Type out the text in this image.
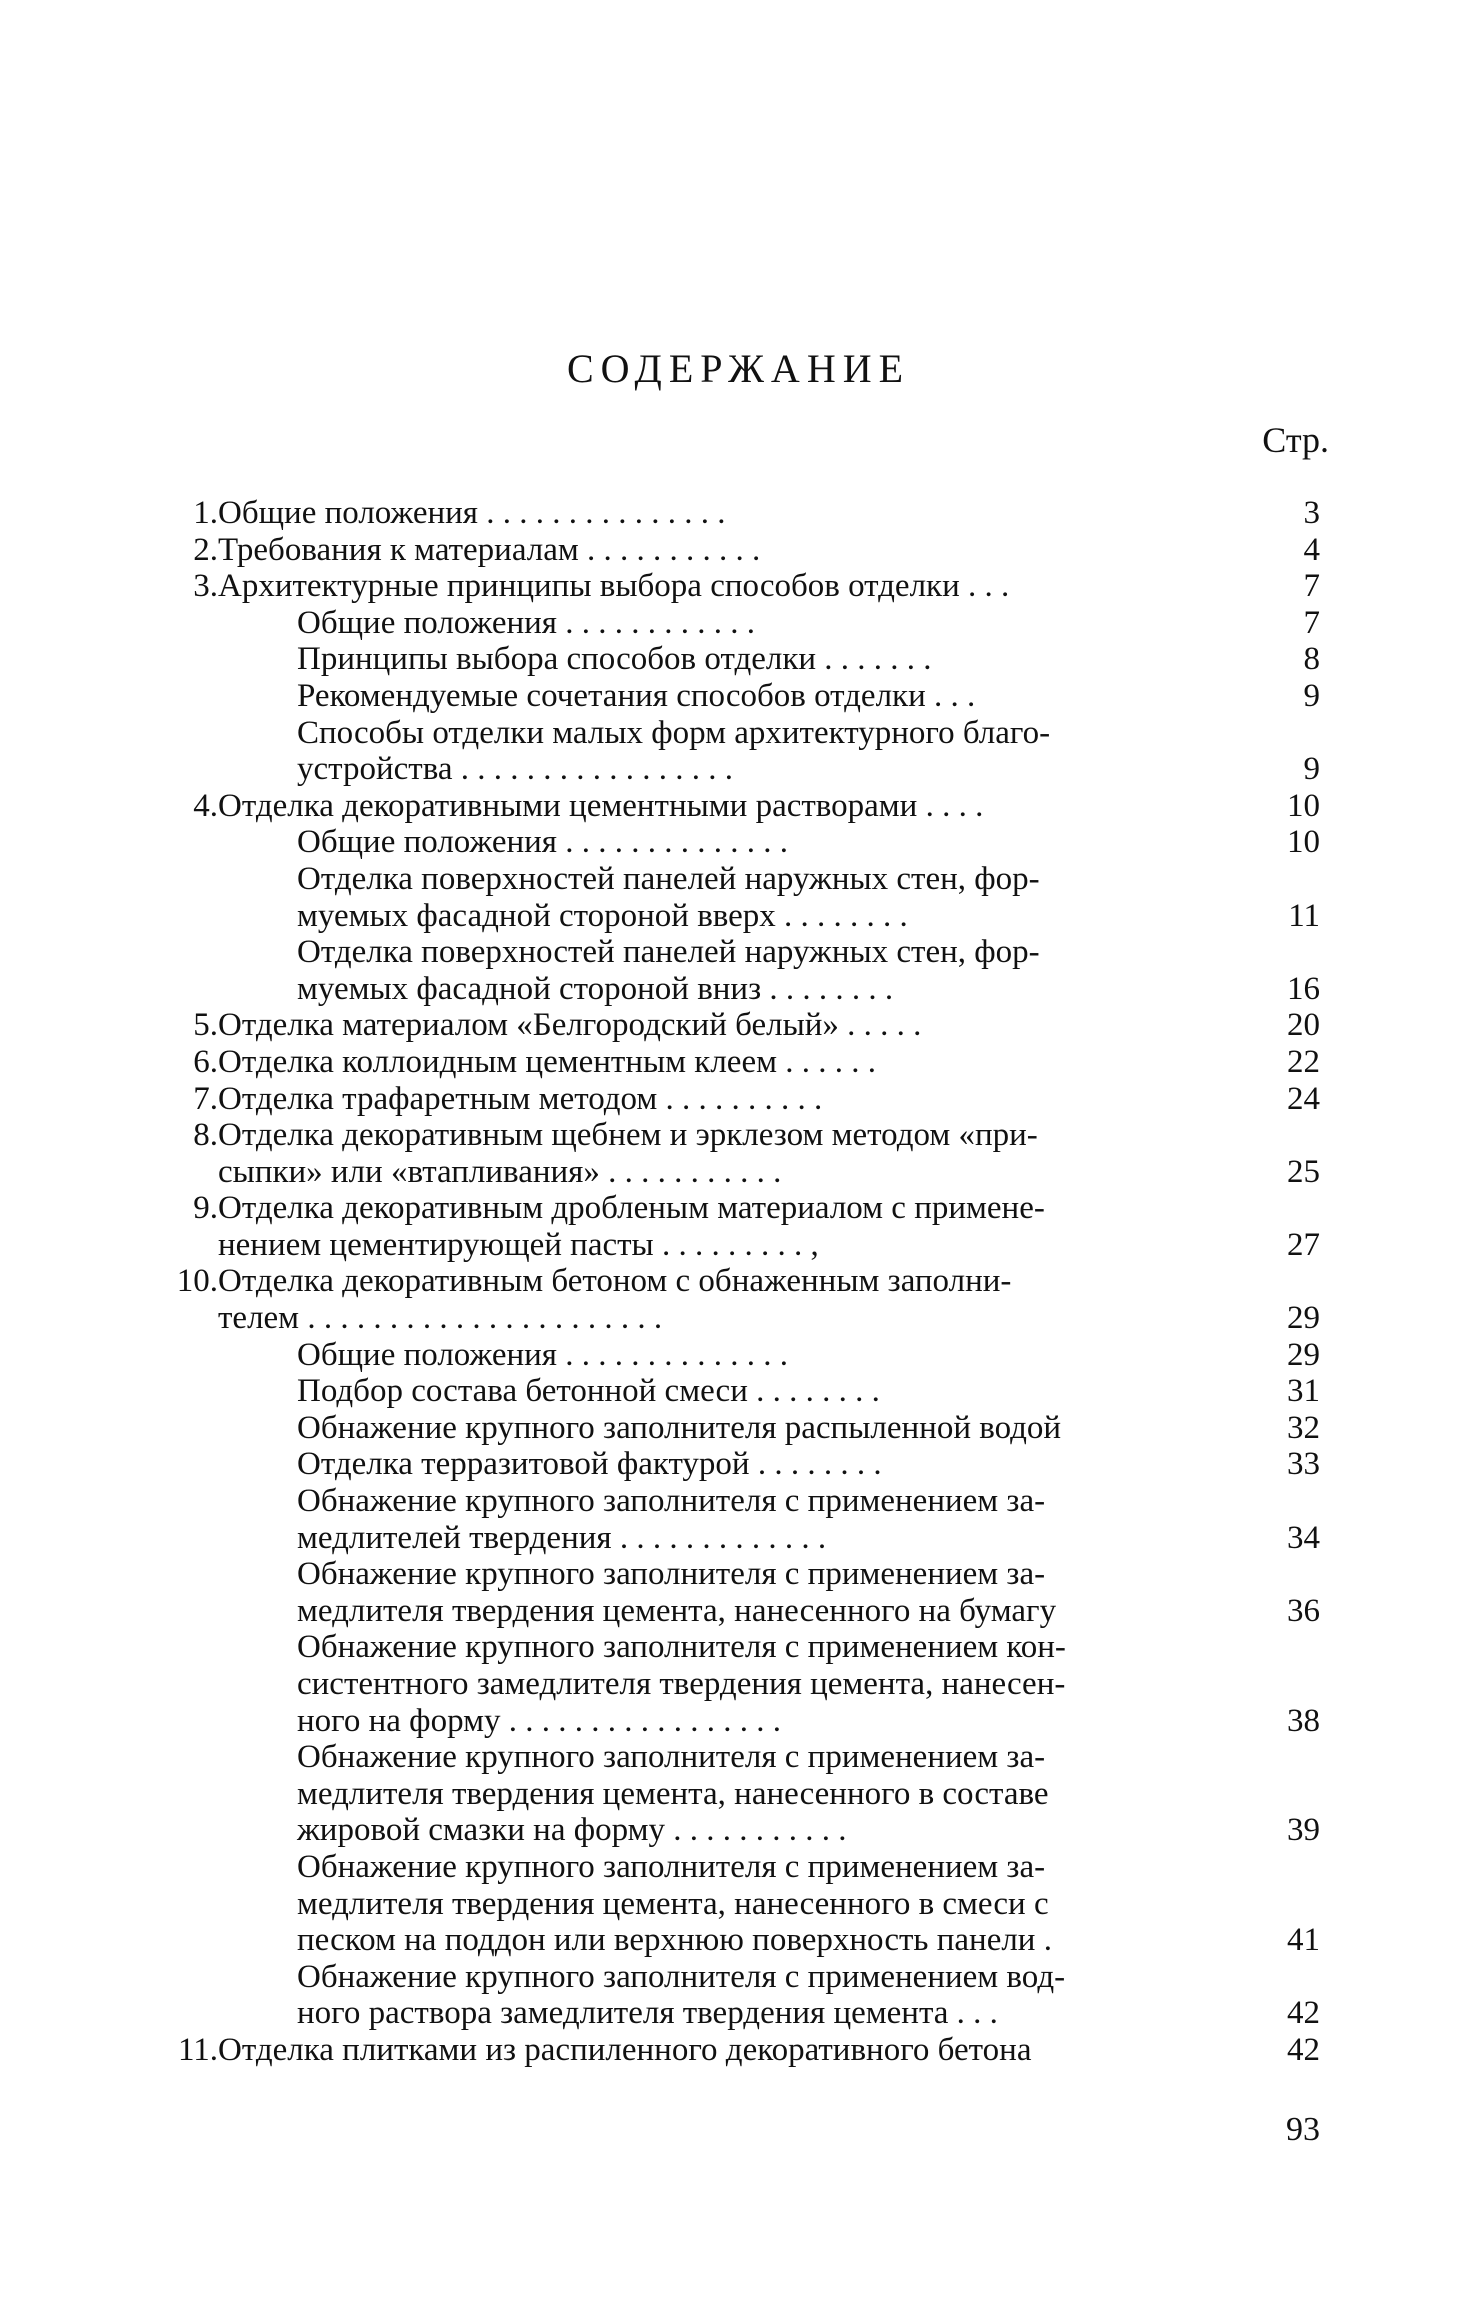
СОДЕРЖАНИЕ
Стр.
1. Общие положения . . . . . . . . . . . . . . .	3
2. Требования к материалам . . . . . . . . . . .	4
3. Архитектурные принципы выбора способов отделки . . .	7
Общие положения . . . . . . . . . . . .	7
Принципы выбора способов отделки . . . . . . .	8
Рекомендуемые сочетания способов отделки . . .	9
Способы отделки малых форм архитектурного благо-
устройства . . . . . . . . . . . . . . . . .	9
4. Отделка декоративными цементными растворами . . . .	10
Общие положения . . . . . . . . . . . . . .	10
Отделка поверхностей панелей наружных стен, фор-
муемых фасадной стороной вверх . . . . . . . .	11
Отделка поверхностей панелей наружных стен, фор-
муемых фасадной стороной вниз . . . . . . . .	16
5. Отделка материалом «Белгородский белый» . . . . .	20
6. Отделка коллоидным цементным клеем . . . . . .	22
7. Отделка трафаретным методом . . . . . . . . . .	24
8. Отделка декоративным щебнем и эрклезом методом «при-
сыпки» или «втапливания» . . . . . . . . . . .	25
9. Отделка декоративным дробленым материалом с примене-
нением цементирующей пасты . . . . . . . . . ,	27
10. Отделка декоративным бетоном с обнаженным заполни-
телем . . . . . . . . . . . . . . . . . . . . . .	29
Общие положения . . . . . . . . . . . . . .	29
Подбор состава бетонной смеси . . . . . . . .	31
Обнажение крупного заполнителя распыленной водой	32
Отделка терразитовой фактурой . . . . . . . .	33
Обнажение крупного заполнителя с применением за-
медлителей твердения . . . . . . . . . . . . .	34
Обнажение крупного заполнителя с применением за-
медлителя твердения цемента, нанесенного на бумагу	36
Обнажение крупного заполнителя с применением кон-
систентного замедлителя твердения цемента, нанесен-
ного на форму . . . . . . . . . . . . . . . . .	38
Обнажение крупного заполнителя с применением за-
медлителя твердения цемента, нанесенного в составе
жировой смазки на форму . . . . . . . . . . .	39
Обнажение крупного заполнителя с применением за-
медлителя твердения цемента, нанесенного в смеси с
песком на поддон или верхнюю поверхность панели .	41
Обнажение крупного заполнителя с применением вод-
ного раствора замедлителя твердения цемента . . .	42
11. Отделка плитками из распиленного декоративного бетона	42
93
